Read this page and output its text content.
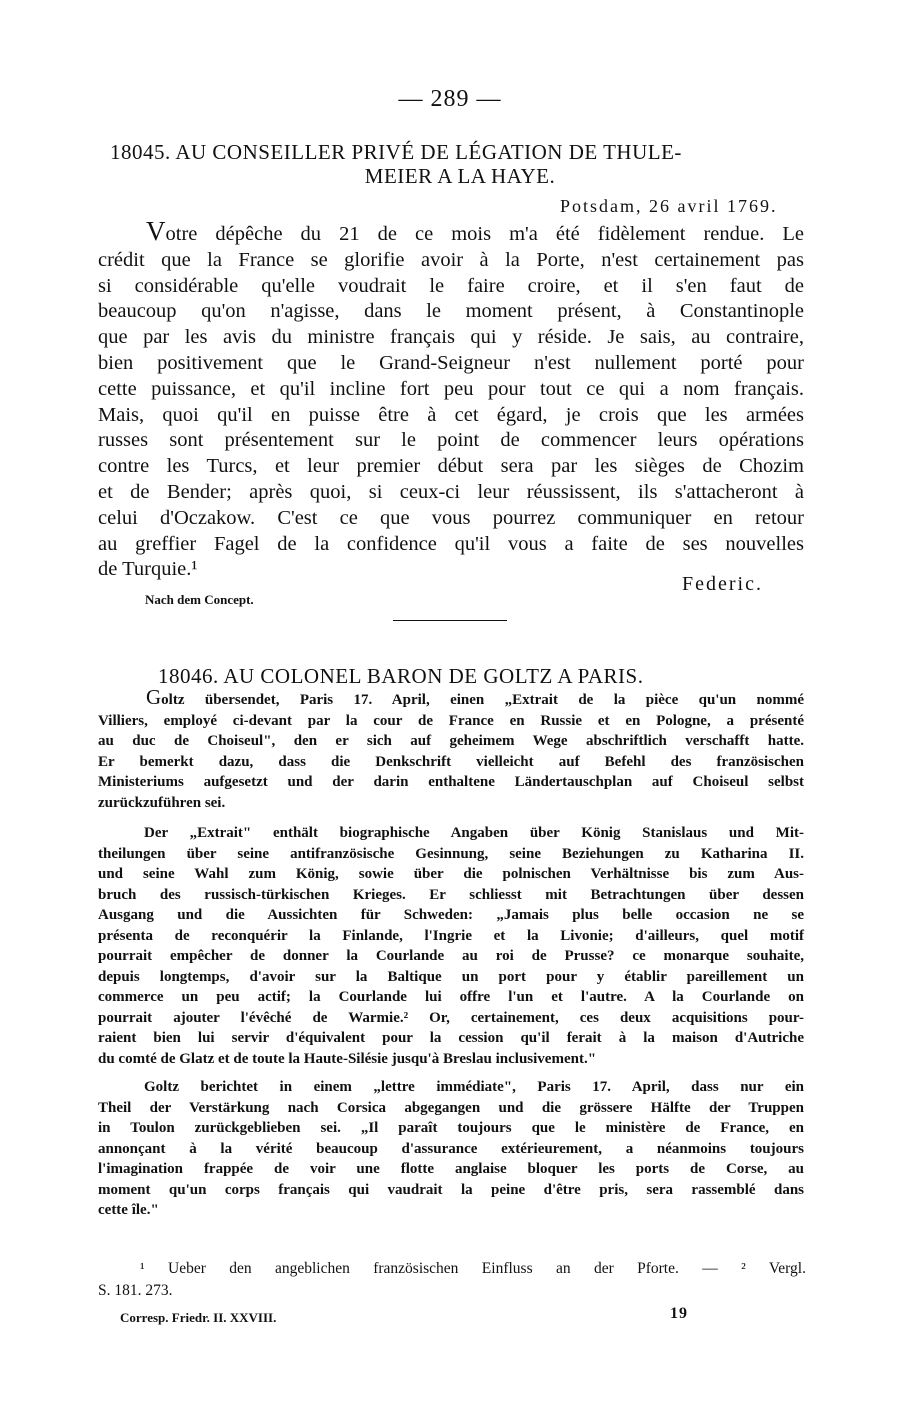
— 289 —
18045. AU CONSEILLER PRIVÉ DE LÉGATION DE THULE-
MEIER A LA HAYE.
Potsdam, 26 avril 1769.
Votre dépêche du 21 de ce mois m'a été fidèlement rendue. Le
crédit que la France se glorifie avoir à la Porte, n'est certainement pas
si considérable qu'elle voudrait le faire croire, et il s'en faut de
beaucoup qu'on n'agisse, dans le moment présent, à Constantinople
que par les avis du ministre français qui y réside. Je sais, au contraire,
bien positivement que le Grand-Seigneur n'est nullement porté pour
cette puissance, et qu'il incline fort peu pour tout ce qui a nom français.
Mais, quoi qu'il en puisse être à cet égard, je crois que les armées
russes sont présentement sur le point de commencer leurs opérations
contre les Turcs, et leur premier début sera par les sièges de Chozim
et de Bender; après quoi, si ceux-ci leur réussissent, ils s'attacheront à
celui d'Oczakow. C'est ce que vous pourrez communiquer en retour
au greffier Fagel de la confidence qu'il vous a faite de ses nouvelles
de Turquie.¹
Federic.
Nach dem Concept.
18046. AU COLONEL BARON DE GOLTZ A PARIS.
Goltz übersendet, Paris 17. April, einen „Extrait de la pièce qu'un nommé
Villiers, employé ci-devant par la cour de France en Russie et en Pologne, a présenté
au duc de Choiseul", den er sich auf geheimem Wege abschriftlich verschafft hatte.
Er bemerkt dazu, dass die Denkschrift vielleicht auf Befehl des französischen
Ministeriums aufgesetzt und der darin enthaltene Ländertauschplan auf Choiseul selbst
zurückzuführen sei.
Der „Extrait" enthält biographische Angaben über König Stanislaus und Mit-
theilungen über seine antifranzösische Gesinnung, seine Beziehungen zu Katharina II.
und seine Wahl zum König, sowie über die polnischen Verhältnisse bis zum Aus-
bruch des russisch-türkischen Krieges. Er schliesst mit Betrachtungen über dessen
Ausgang und die Aussichten für Schweden: „Jamais plus belle occasion ne se
présenta de reconquérir la Finlande, l'Ingrie et la Livonie; d'ailleurs, quel motif
pourrait empêcher de donner la Courlande au roi de Prusse? ce monarque souhaite,
depuis longtemps, d'avoir sur la Baltique un port pour y établir pareillement un
commerce un peu actif; la Courlande lui offre l'un et l'autre. A la Courlande on
pourrait ajouter l'évêché de Warmie.² Or, certainement, ces deux acquisitions pour-
raient bien lui servir d'équivalent pour la cession qu'il ferait à la maison d'Autriche
du comté de Glatz et de toute la Haute-Silésie jusqu'à Breslau inclusivement."
Goltz berichtet in einem „lettre immédiate", Paris 17. April, dass nur ein
Theil der Verstärkung nach Corsica abgegangen und die grössere Hälfte der Truppen
in Toulon zurückgeblieben sei. „Il paraît toujours que le ministère de France, en
annonçant à la vérité beaucoup d'assurance extérieurement, a néanmoins toujours
l'imagination frappée de voir une flotte anglaise bloquer les ports de Corse, au
moment qu'un corps français qui vaudrait la peine d'être pris, sera rassemblé dans
cette île."
¹ Ueber den angeblichen französischen Einfluss an der Pforte. — ² Vergl.
S. 181. 273.
Corresp. Friedr. II. XXVIII.	19
